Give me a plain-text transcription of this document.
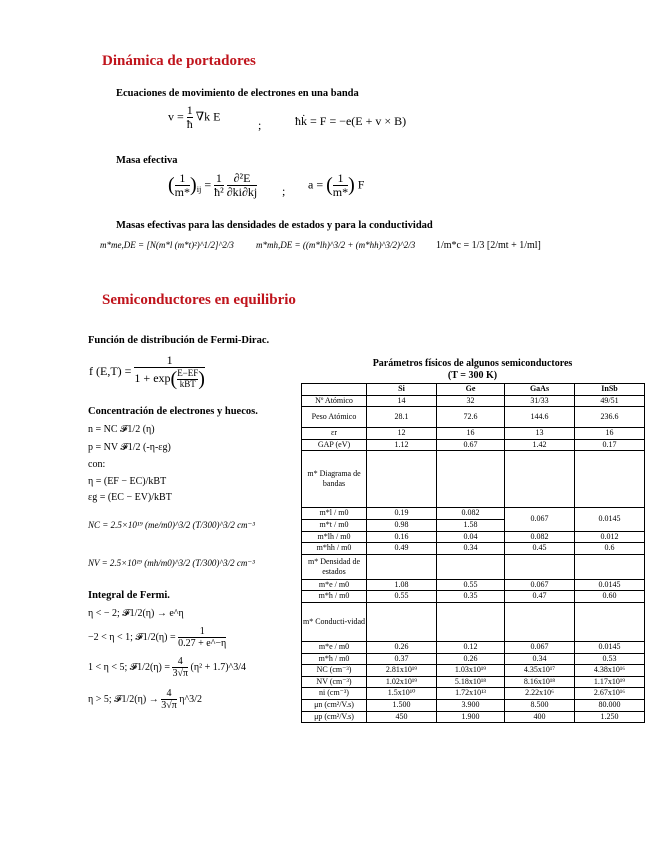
Dinámica de portadores
Ecuaciones de movimiento de electrones en una banda
$v = \frac{1}{ħ} \nabla k$ E
;	ħk̇ = F = −e(E + v × B)
Masa efectiva
( $\frac{1}{m*} )_{ij} = \frac{1}{\text{ħ²}}$
$\frac{\text{∂²E}}{\partial ki\partial kj}$ ; a = ( $\frac{1}{m*}$ ) F
Masas efectivas para las densidades de estados y para la conductividad
m*me,DE = [N(m*l (m*t)²)^1/2]^2/3 m*mh,DE = ((m*lh)^3/2 + (m*hh)^3/2)^2/3 1/m*c = 1/3 [2/mt + 1/ml]
Semiconductores en equilibrio
Función de distribución de Fermi-Dirac.
f $(E,T) = \frac{1}{1 + \exp( \frac{E-EF}{\text{kBT}} )}$
Concentración de electrones y huecos.
n = NC 𝓕1/2 (η)
p = NV 𝓕1/2 (-η-εg)
con:
η = (EF − EC)/kBT
εg = (EC − EV)/kBT
NC = 2.5×10¹⁹ (me/m0)^3/2 (T/300)^3/2 cm⁻³
NV = 2.5×10¹⁹ (mh/m0)^3/2 (T/300)^3/2 cm⁻³
Integral de Fermi.
η < − 2; 𝓕1/2(η) → e^η
−2 < η < 1; 𝓕1/2(η) = $\frac{1}{0.27 + e\^{}-\eta}$
1 < η < 5; 𝓕1/2(η) = $\frac{4}{3√\pi} (\eta^2$ + 1.7)^3/4
η > 5; 𝓕1/2(η) → $\frac{4}{3√\pi}$ η^3/2
Parámetros físicos de algunos semiconductores
(T = 300 K)
	Si	Ge	GaAs	InSb
Nº Atómico	14	32	31/33	49/51
Peso Atómico	28.1	72.6	144.6	236.6
εr	12	16	13	16
GAP (eV)	1.12	0.67	1.42	0.17
m* Diagrama de bandas				
m*l / m0	0.19	0.082	0.067	0.0145
m*t / m0	0.98	1.58		
m*lh / m0	0.16	0.04	0.082	0.012
m*hh / m0	0.49	0.34	0.45	0.6
m* Densidad de estados				
m*e / m0	1.08	0.55	0.067	0.0145
m*h / m0	0.55	0.35	0.47	0.60
m* Conducti-vidad				
m*e / m0	0.26	0.12	0.067	0.0145
m*h / m0	0.37	0.26	0.34	0.53
NC (cm⁻³)	2.81x10¹⁹	1.03x10¹⁹	4.35x10¹⁷	4.38x10¹⁶
NV (cm⁻³)	1.02x10¹⁹	5.18x10¹⁸	8.16x10¹⁸	1.17x10¹⁹
ni (cm⁻³)	1.5x10¹⁰	1.72x10¹³	2.22x10⁶	2.67x10¹⁶
μn (cm²/V.s)	1.500	3.900	8.500	80.000
μp (cm²/V.s)	450	1.900	400	1.250
